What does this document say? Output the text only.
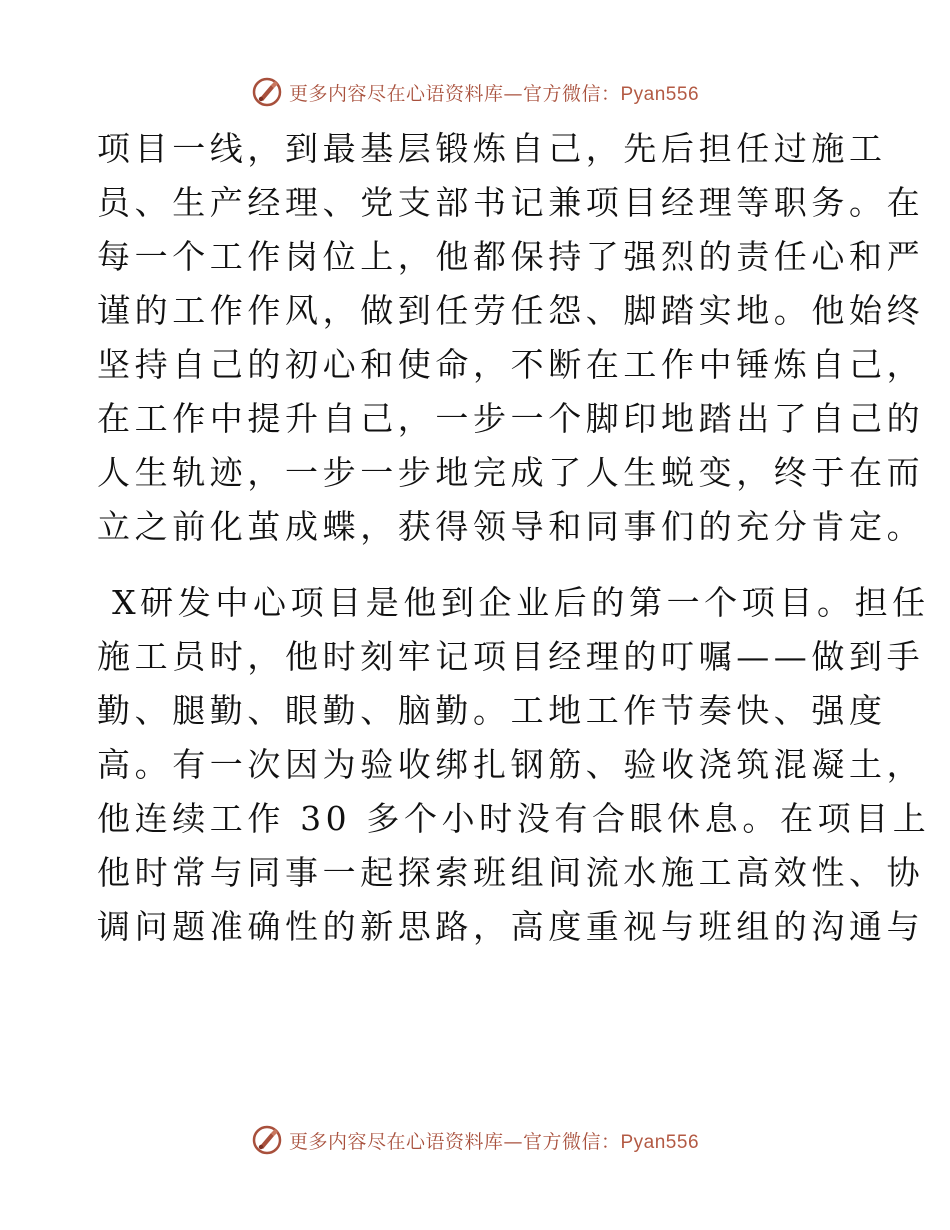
更多内容尽在心语资料库—官方微信：Pyan556

项目一线，到最基层锻炼自己，先后担任过施工
员、生产经理、党支部书记兼项目经理等职务。在
每一个工作岗位上，他都保持了强烈的责任心和严
谨的工作作风，做到任劳任怨、脚踏实地。他始终
坚持自己的初心和使命，不断在工作中锤炼自己，
在工作中提升自己，一步一个脚印地踏出了自己的
人生轨迹，一步一步地完成了人生蜕变，终于在而
立之前化茧成蝶，获得领导和同事们的充分肯定。

X研发中心项目是他到企业后的第一个项目。担任
施工员时，他时刻牢记项目经理的叮嘱——做到手
勤、腿勤、眼勤、脑勤。工地工作节奏快、强度
高。有一次因为验收绑扎钢筋、验收浇筑混凝土，
他连续工作 30 多个小时没有合眼休息。在项目上
他时常与同事一起探索班组间流水施工高效性、协
调问题准确性的新思路，高度重视与班组的沟通与

更多内容尽在心语资料库—官方微信：Pyan556
